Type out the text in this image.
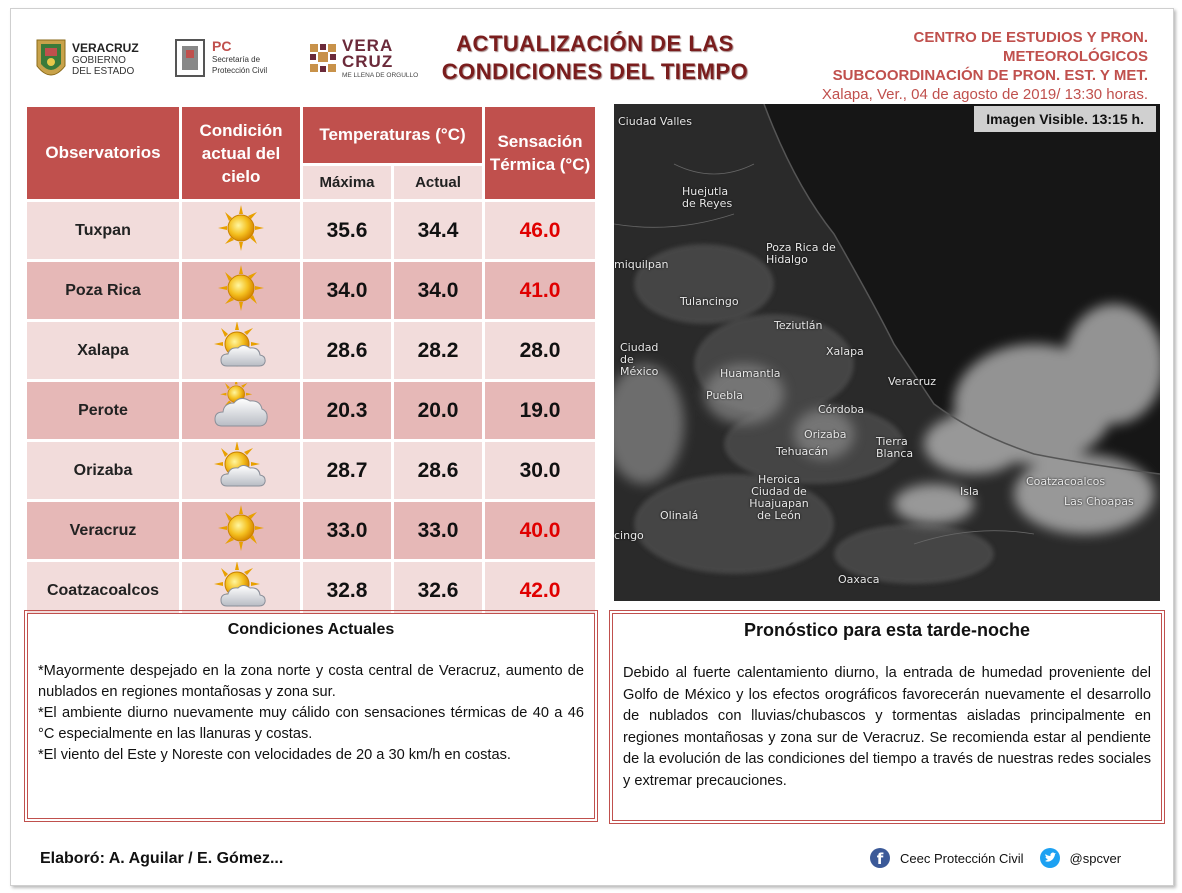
VERACRUZ
GOBIERNO
DEL ESTADO
PC
Secretaría de
Protección Civil
VERA
CRUZ
ME LLENA DE ORGULLO
ACTUALIZACIÓN DE LAS
CONDICIONES DEL TIEMPO
CENTRO DE ESTUDIOS Y PRON.
METEOROLÓGICOS
SUBCOORDINACIÓN DE PRON. EST. Y MET.
Xalapa, Ver., 04 de agosto de 2019/ 13:30 horas.
Observatorios	Condición actual del cielo	Temperaturas (°C)		Sensación Térmica (°C)
		Máxima	Actual	
Tuxpan		35.6	34.4	46.0
Poza Rica		34.0	34.0	41.0
Xalapa		28.6	28.2	28.0
Perote		20.3	20.0	19.0
Orizaba		28.7	28.6	30.0
Veracruz		33.0	33.0	40.0
Coatzacoalcos		32.8	32.6	42.0
Imagen Visible. 13:15 h.
Ciudad Valles
Huejutla de Reyes
Poza Rica de Hidalgo
miquilpan
Tulancingo
Teziutlán
Ciudad de México
Xalapa
Huamantla
Veracruz
Puebla
Córdoba
Orizaba
Tierra Blanca
Tehuacán
Heroica Ciudad de Huajuapan de León
Coatzacoalcos
Las Choapas
Isla
Olinalá
cingo
Oaxaca
Condiciones Actuales

*Mayormente despejado en la zona norte y costa central de Veracruz, aumento de nublados en regiones montañosas y zona sur.

*El ambiente diurno nuevamente muy cálido con sensaciones térmicas de 40 a 46 °C especialmente en las llanuras y costas.

*El viento del Este y Noreste con velocidades de 20 a 30 km/h en costas.

Pronóstico para esta tarde-noche
Debido al fuerte calentamiento diurno, la entrada de humedad proveniente del Golfo de México y los efectos orográficos favorecerán nuevamente el desarrollo de nublados con lluvias/chubascos y tormentas aisladas principalmente en regiones montañosas y zona sur de Veracruz. Se recomienda estar al pendiente de la evolución de las condiciones del tiempo a través de nuestras redes sociales y extremar precauciones.
Elaboró: A. Aguilar / E. Gómez...	f	Ceec Protección Civil	@spcver
